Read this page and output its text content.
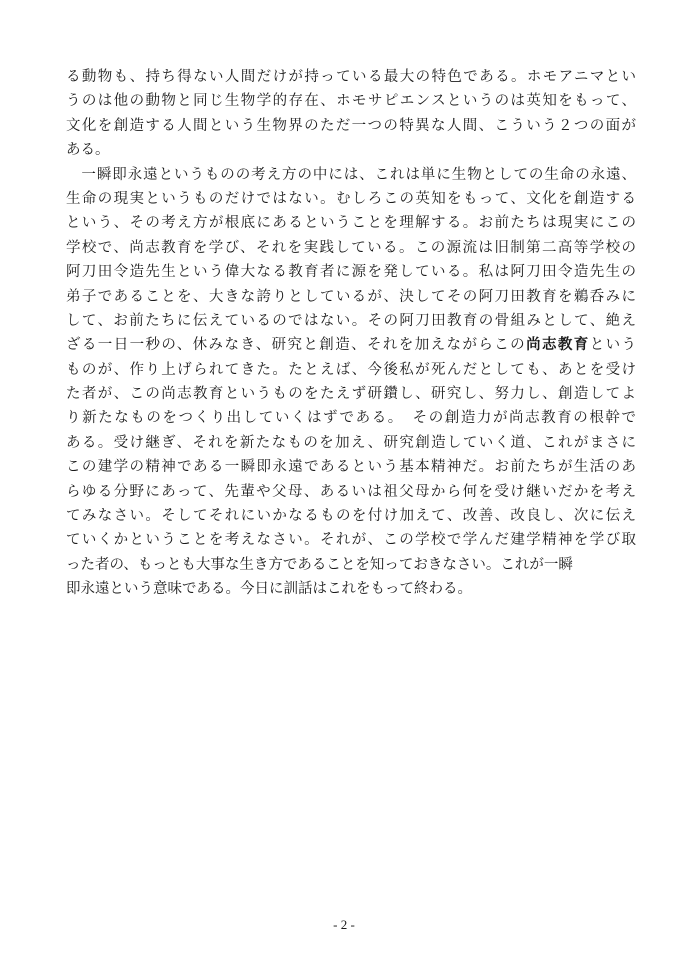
る動物も、持ち得ない人間だけが持っている最大の特色である。ホモアニマとい
うのは他の動物と同じ生物学的存在、ホモサピエンスというのは英知をもって、
文化を創造する人間という生物界のただ一つの特異な人間、こういう２つの面が
ある。
　一瞬即永遠というものの考え方の中には、これは単に生物としての生命の永遠、
生命の現実というものだけではない。むしろこの英知をもって、文化を創造する
という、その考え方が根底にあるということを理解する。お前たちは現実にこの
学校で、尚志教育を学び、それを実践している。この源流は旧制第二高等学校の
阿刀田令造先生という偉大なる教育者に源を発している。私は阿刀田令造先生の
弟子であることを、大きな誇りとしているが、決してその阿刀田教育を鵜呑みに
して、お前たちに伝えているのではない。その阿刀田教育の骨組みとして、絶え
ざる一日一秒の、休みなき、研究と創造、それを加えながらこの尚志教育という
ものが、作り上げられてきた。たとえば、今後私が死んだとしても、あとを受け
た者が、この尚志教育というものをたえず研鑽し、研究し、努力し、創造してよ
り新たなものをつくり出していくはずである。　その創造力が尚志教育の根幹で
ある。受け継ぎ、それを新たなものを加え、研究創造していく道、これがまさに
この建学の精神である一瞬即永遠であるという基本精神だ。お前たちが生活のあ
らゆる分野にあって、先輩や父母、あるいは祖父母から何を受け継いだかを考え
てみなさい。そしてそれにいかなるものを付け加えて、改善、改良し、次に伝え
ていくかということを考えなさい。それが、この学校で学んだ建学精神を学び取
った者の、もっとも大事な生き方であることを知っておきなさい。これが一瞬
即永遠という意味である。今日に訓話はこれをもって終わる。
- 2 -
